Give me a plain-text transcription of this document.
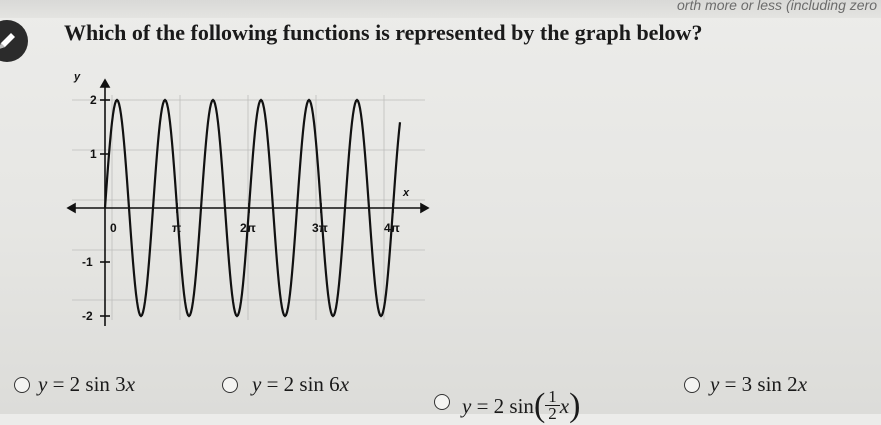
orth more or less (including zero
Which of the following functions is represented by the graph below?
y
x
2
1
-1
-2
0	π	2π	3π	4π
y = 2 sin 3x	y = 2 sin 6x
y = 2 $\sin( \frac{1}{2} x)$
y = 3 sin 2x
